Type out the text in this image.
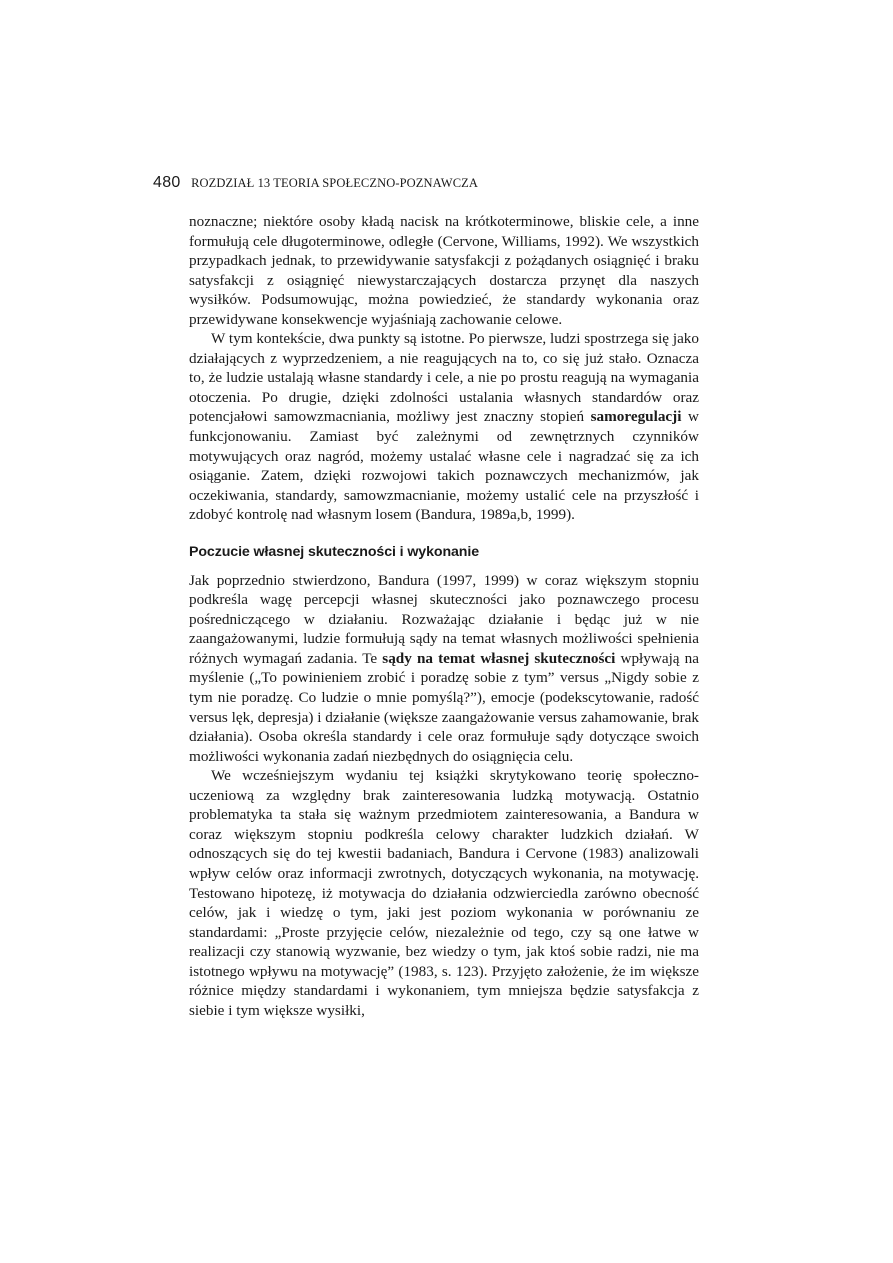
480 ROZDZIAŁ 13 TEORIA SPOŁECZNO-POZNAWCZA

noznaczne; niektóre osoby kładą nacisk na krótkoterminowe, bliskie cele, a inne formułują cele długoterminowe, odległe (Cervone, Williams, 1992). We wszystkich przypadkach jednak, to przewidywanie satysfakcji z pożądanych osiągnięć i braku satysfakcji z osiągnięć niewystarczających dostarcza przynęt dla naszych wysiłków. Podsumowując, można powiedzieć, że standardy wykonania oraz przewidywane konsekwencje wyjaśniają zachowanie celowe.

W tym kontekście, dwa punkty są istotne. Po pierwsze, ludzi spostrzega się jako działających z wyprzedzeniem, a nie reagujących na to, co się już stało. Oznacza to, że ludzie ustalają własne standardy i cele, a nie po prostu reagują na wymagania otoczenia. Po drugie, dzięki zdolności ustalania własnych standardów oraz potencjałowi samowzmacniania, możliwy jest znaczny stopień samoregulacji w funkcjonowaniu. Zamiast być zależnymi od zewnętrznych czynników motywujących oraz nagród, możemy ustalać własne cele i nagradzać się za ich osiąganie. Zatem, dzięki rozwojowi takich poznawczych mechanizmów, jak oczekiwania, standardy, samowzmacnianie, możemy ustalić cele na przyszłość i zdobyć kontrolę nad własnym losem (Bandura, 1989a,b, 1999).

Poczucie własnej skuteczności i wykonanie

Jak poprzednio stwierdzono, Bandura (1997, 1999) w coraz większym stopniu podkreśla wagę percepcji własnej skuteczności jako poznawczego procesu pośredniczącego w działaniu. Rozważając działanie i będąc już w nie zaangażowanymi, ludzie formułują sądy na temat własnych możliwości spełnienia różnych wymagań zadania. Te sądy na temat własnej skuteczności wpływają na myślenie („To powinieniem zrobić i poradzę sobie z tym” versus „Nigdy sobie z tym nie poradzę. Co ludzie o mnie pomyślą?”), emocje (podekscytowanie, radość versus lęk, depresja) i działanie (większe zaangażowanie versus zahamowanie, brak działania). Osoba określa standardy i cele oraz formułuje sądy dotyczące swoich możliwości wykonania zadań niezbędnych do osiągnięcia celu.

We wcześniejszym wydaniu tej książki skrytykowano teorię społeczno-uczeniową za względny brak zainteresowania ludzką motywacją. Ostatnio problematyka ta stała się ważnym przedmiotem zainteresowania, a Bandura w coraz większym stopniu podkreśla celowy charakter ludzkich działań. W odnoszących się do tej kwestii badaniach, Bandura i Cervone (1983) analizowali wpływ celów oraz informacji zwrotnych, dotyczących wykonania, na motywację. Testowano hipotezę, iż motywacja do działania odzwierciedla zarówno obecność celów, jak i wiedzę o tym, jaki jest poziom wykonania w porównaniu ze standardami: „Proste przyjęcie celów, niezależnie od tego, czy są one łatwe w realizacji czy stanowią wyzwanie, bez wiedzy o tym, jak ktoś sobie radzi, nie ma istotnego wpływu na motywację” (1983, s. 123). Przyjęto założenie, że im większe różnice między standardami i wykonaniem, tym mniejsza będzie satysfakcja z siebie i tym większe wysiłki,
